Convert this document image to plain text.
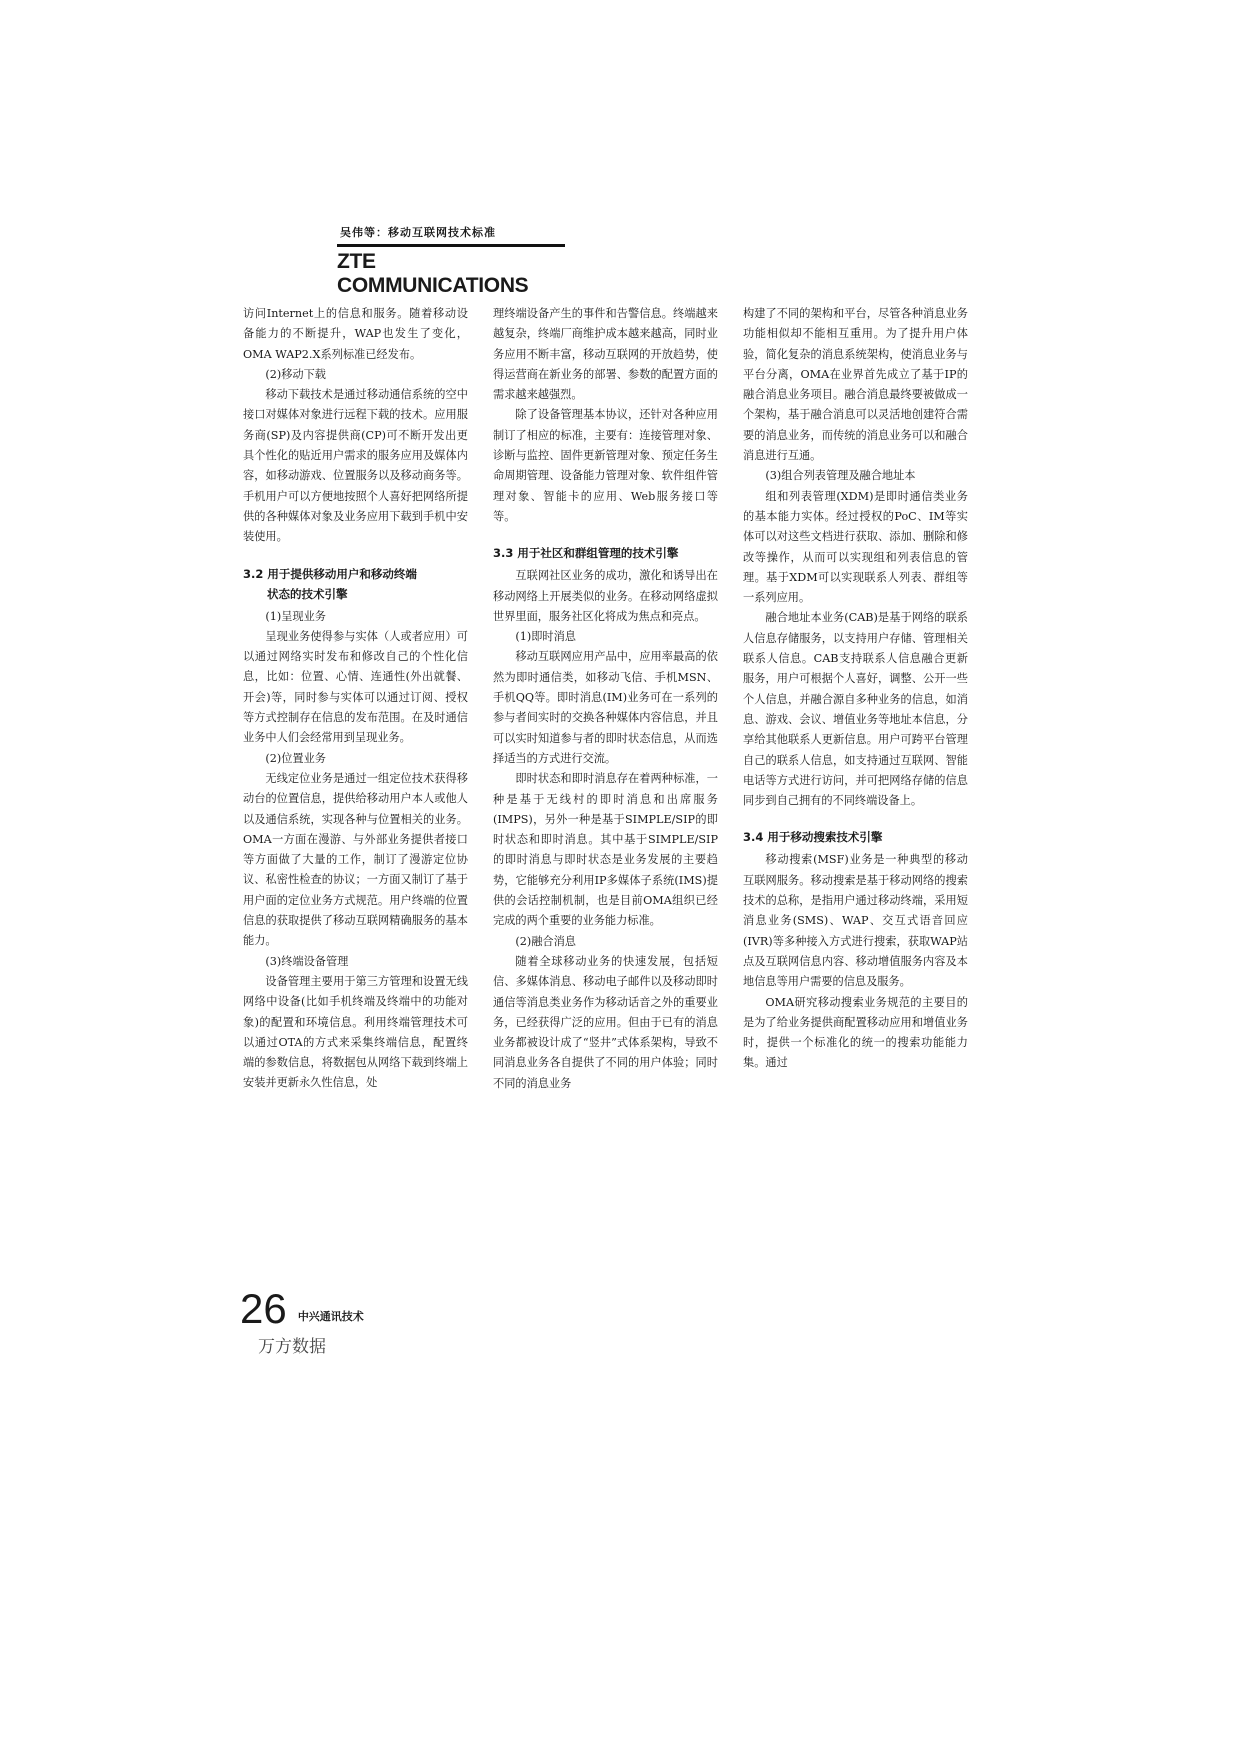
吴伟等：移动互联网技术标准
ZTE COMMUNICATIONS

访问Internet上的信息和服务。随着移动设备能力的不断提升，WAP也发生了变化，OMA WAP2.X系列标准已经发布。

(2)移动下载

移动下载技术是通过移动通信系统的空中接口对媒体对象进行远程下载的技术。应用服务商(SP)及内容提供商(CP)可不断开发出更具个性化的贴近用户需求的服务应用及媒体内容，如移动游戏、位置服务以及移动商务等。手机用户可以方便地按照个人喜好把网络所提供的各种媒体对象及业务应用下载到手机中安装使用。

3.2 用于提供移动用户和移动终端
状态的技术引擎

(1)呈现业务

呈现业务使得参与实体（人或者应用）可以通过网络实时发布和修改自己的个性化信息，比如：位置、心情、连通性(外出就餐、开会)等，同时参与实体可以通过订阅、授权等方式控制存在信息的发布范围。在及时通信业务中人们会经常用到呈现业务。

(2)位置业务

无线定位业务是通过一组定位技术获得移动台的位置信息，提供给移动用户本人或他人以及通信系统，实现各种与位置相关的业务。OMA一方面在漫游、与外部业务提供者接口等方面做了大量的工作，制订了漫游定位协议、私密性检查的协议；一方面又制订了基于用户面的定位业务方式规范。用户终端的位置信息的获取提供了移动互联网精确服务的基本能力。

(3)终端设备管理

设备管理主要用于第三方管理和设置无线网络中设备(比如手机终端及终端中的功能对象)的配置和环境信息。利用终端管理技术可以通过OTA的方式来采集终端信息，配置终端的参数信息，将数据包从网络下载到终端上安装并更新永久性信息，处

理终端设备产生的事件和告警信息。终端越来越复杂，终端厂商维护成本越来越高，同时业务应用不断丰富，移动互联网的开放趋势，使得运营商在新业务的部署、参数的配置方面的需求越来越强烈。

除了设备管理基本协议，还针对各种应用制订了相应的标准，主要有：连接管理对象、诊断与监控、固件更新管理对象、预定任务生命周期管理、设备能力管理对象、软件组件管理对象、智能卡的应用、Web服务接口等等。

3.3 用于社区和群组管理的技术引擎

互联网社区业务的成功，激化和诱导出在移动网络上开展类似的业务。在移动网络虚拟世界里面，服务社区化将成为焦点和亮点。

(1)即时消息

移动互联网应用产品中，应用率最高的依然为即时通信类，如移动飞信、手机MSN、手机QQ等。即时消息(IM)业务可在一系列的参与者间实时的交换各种媒体内容信息，并且可以实时知道参与者的即时状态信息，从而选择适当的方式进行交流。

即时状态和即时消息存在着两种标准，一种是基于无线村的即时消息和出席服务(IMPS)，另外一种是基于SIMPLE/SIP的即时状态和即时消息。其中基于SIMPLE/SIP的即时消息与即时状态是业务发展的主要趋势，它能够充分利用IP多媒体子系统(IMS)提供的会话控制机制，也是目前OMA组织已经完成的两个重要的业务能力标准。

(2)融合消息

随着全球移动业务的快速发展，包括短信、多媒体消息、移动电子邮件以及移动即时通信等消息类业务作为移动话音之外的重要业务，已经获得广泛的应用。但由于已有的消息业务都被设计成了“竖井”式体系架构，导致不同消息业务各自提供了不同的用户体验；同时不同的消息业务

构建了不同的架构和平台，尽管各种消息业务功能相似却不能相互重用。为了提升用户体验，简化复杂的消息系统架构，使消息业务与平台分离，OMA在业界首先成立了基于IP的融合消息业务项目。融合消息最终要被做成一个架构，基于融合消息可以灵活地创建符合需要的消息业务，而传统的消息业务可以和融合消息进行互通。

(3)组合列表管理及融合地址本

组和列表管理(XDM)是即时通信类业务的基本能力实体。经过授权的PoC、IM等实体可以对这些文档进行获取、添加、删除和修改等操作，从而可以实现组和列表信息的管理。基于XDM可以实现联系人列表、群组等一系列应用。

融合地址本业务(CAB)是基于网络的联系人信息存储服务，以支持用户存储、管理相关联系人信息。CAB支持联系人信息融合更新服务，用户可根据个人喜好，调整、公开一些个人信息，并融合源自多种业务的信息，如消息、游戏、会议、增值业务等地址本信息，分享给其他联系人更新信息。用户可跨平台管理自己的联系人信息，如支持通过互联网、智能电话等方式进行访问，并可把网络存储的信息同步到自己拥有的不同终端设备上。

3.4 用于移动搜索技术引擎

移动搜索(MSF)业务是一种典型的移动互联网服务。移动搜索是基于移动网络的搜索技术的总称，是指用户通过移动终端，采用短消息业务(SMS)、WAP、交互式语音回应(IVR)等多种接入方式进行搜索，获取WAP站点及互联网信息内容、移动增值服务内容及本地信息等用户需要的信息及服务。

OMA研究移动搜索业务规范的主要目的是为了给业务提供商配置移动应用和增值业务时，提供一个标准化的统一的搜索功能能力集。通过

26 中兴通讯技术
万方数据
